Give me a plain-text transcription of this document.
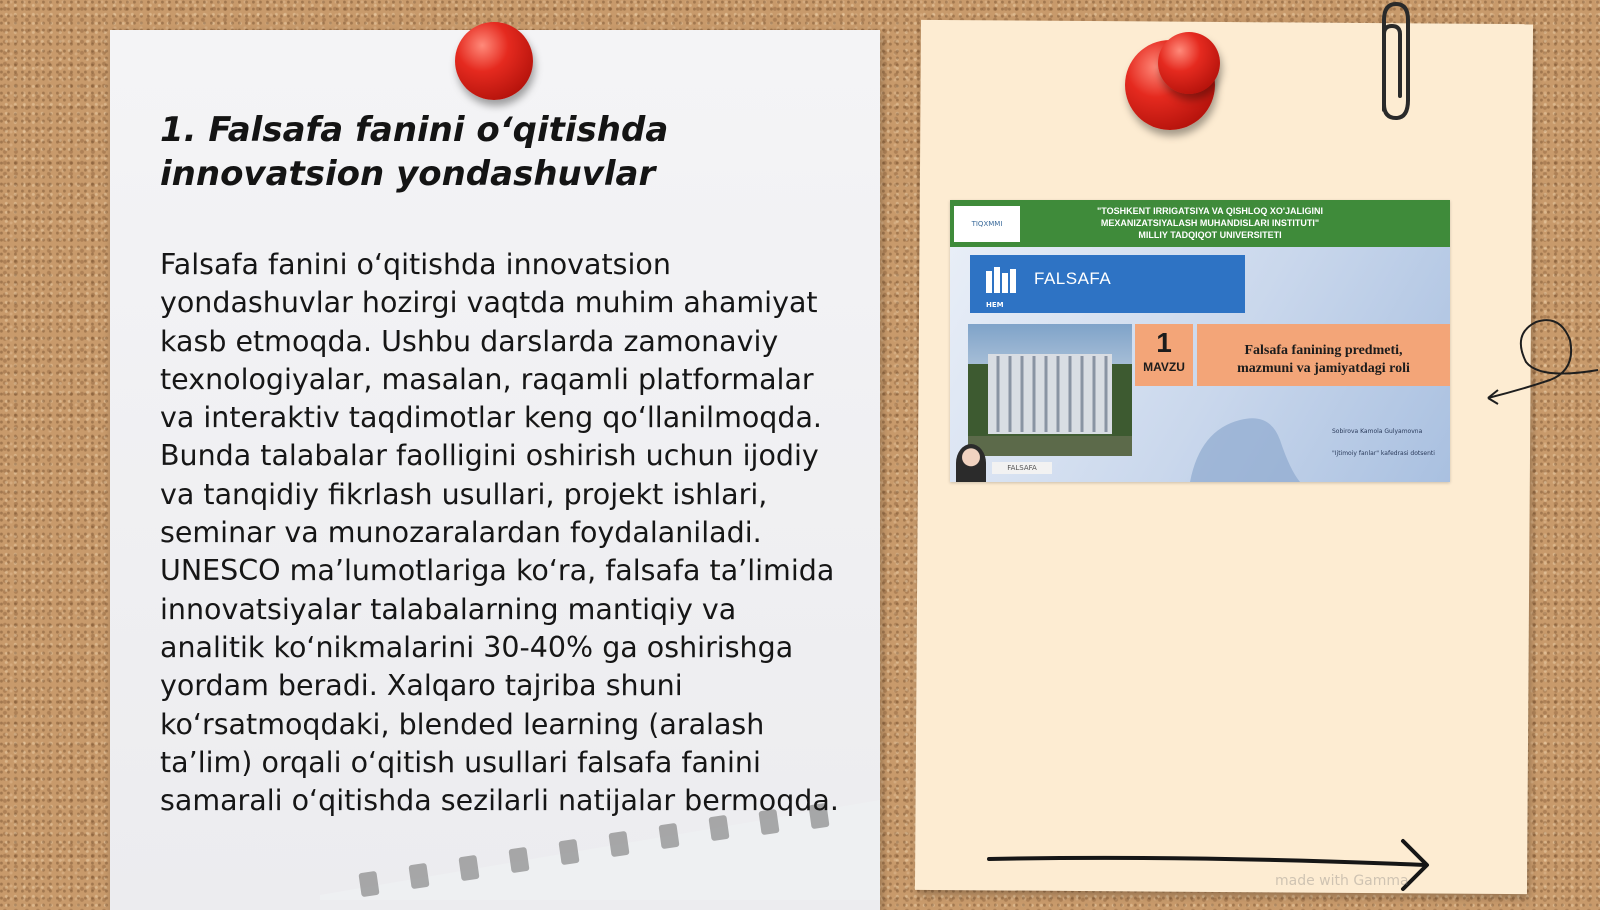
1. Falsafa fanini o‘qitishda innovatsion yondashuvlar

Falsafa fanini o‘qitishda innovatsion yondashuvlar hozirgi vaqtda muhim ahamiyat kasb etmoqda. Ushbu darslarda zamonaviy texnologiyalar, masalan, raqamli platformalar va interaktiv taqdimotlar keng qo‘llanilmoqda. Bunda talabalar faolligini oshirish uchun ijodiy va tanqidiy fikrlash usullari, projekt ishlari, seminar va munozaralardan foydalaniladi. UNESCO ma’lumotlariga ko‘ra, falsafa ta’limida innovatsiyalar talabalarning mantiqiy va analitik ko‘nikmalarini 30-40% ga oshirishga yordam beradi. Xalqaro tajriba shuni ko‘rsatmoqdaki, blended learning (aralash ta’lim) orqali o‘qitish usullari falsafa fanini samarali o‘qitishda sezilarli natijalar bermoqda.

TIQXMMI
"TOSHKENT IRRIGATSIYA VA QISHLOQ XO'JALIGINI
MEXANIZATSIYALASH MUHANDISLARI INSTITUTI"
MILLIY TADQIQOT UNIVERSITETI
FALSAFA
HEM
1
MAVZU
Falsafa fanining predmeti,
mazmuni va jamiyatdagi roli
Sobirova Kamola Gulyamovna
"Ijtimoiy fanlar" kafedrasi dotsenti
FALSAFA
made with Gamma
